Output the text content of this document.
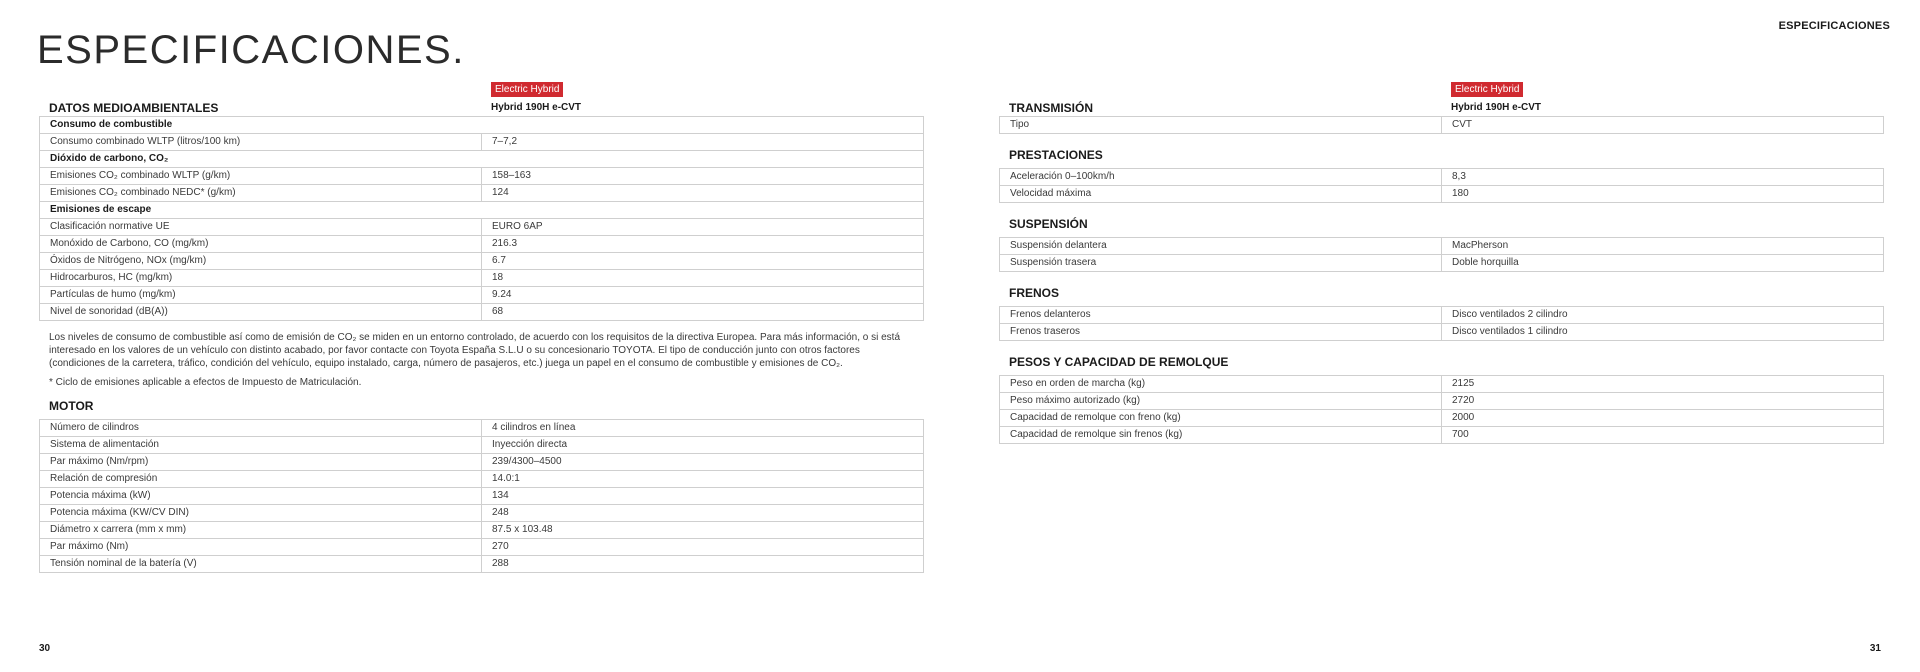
ESPECIFICACIONES
ESPECIFICACIONES.
Electric Hybrid
Hybrid 190H e-CVT
DATOS MEDIOAMBIENTALES
Consumo de combustible	
Consumo combinado WLTP (litros/100 km)	7–7,2
Dióxido de carbono, CO₂	
Emisiones CO₂ combinado WLTP (g/km)	158–163
Emisiones CO₂ combinado NEDC* (g/km)	124
Emisiones de escape	
Clasificación normative UE	EURO 6AP
Monóxido de Carbono, CO (mg/km)	216.3
Óxidos de Nitrógeno, NOx (mg/km)	6.7
Hidrocarburos, HC (mg/km)	18
Partículas de humo (mg/km)	9.24
Nivel de sonoridad (dB(A))	68

Los niveles de consumo de combustible así como de emisión de CO₂ se miden en un entorno controlado, de acuerdo con los requisitos de la directiva Europea. Para más información, o si está interesado en los valores de un vehículo con distinto acabado, por favor contacte con Toyota España S.L.U o su concesionario TOYOTA. El tipo de conducción junto con otros factores (condiciones de la carretera, tráfico, condición del vehículo, equipo instalado, carga, número de pasajeros, etc.) juega un papel en el consumo de combustible y emisiones de CO₂.

* Ciclo de emisiones aplicable a efectos de Impuesto de Matriculación.

MOTOR
Número de cilindros	4 cilindros en línea
Sistema de alimentación	Inyección directa
Par máximo (Nm/rpm)	239/4300–4500
Relación de compresión	14.0:1
Potencia máxima (kW)	134
Potencia máxima (KW/CV DIN)	248
Diámetro x carrera (mm x mm)	87.5 x 103.48
Par máximo (Nm)	270
Tensión nominal de la batería (V)	288
Electric Hybrid
Hybrid 190H e-CVT
TRANSMISIÓN
Tipo	CVT
PRESTACIONES
Aceleración 0–100km/h	8,3
Velocidad máxima	180
SUSPENSIÓN
Suspensión delantera	MacPherson
Suspensión trasera	Doble horquilla
FRENOS
Frenos delanteros	Disco ventilados 2 cilindro
Frenos traseros	Disco ventilados 1 cilindro
PESOS Y CAPACIDAD DE REMOLQUE
Peso en orden de marcha (kg)	2125
Peso máximo autorizado (kg)	2720
Capacidad de remolque con freno (kg)	2000
Capacidad de remolque sin frenos (kg)	700
30	31
